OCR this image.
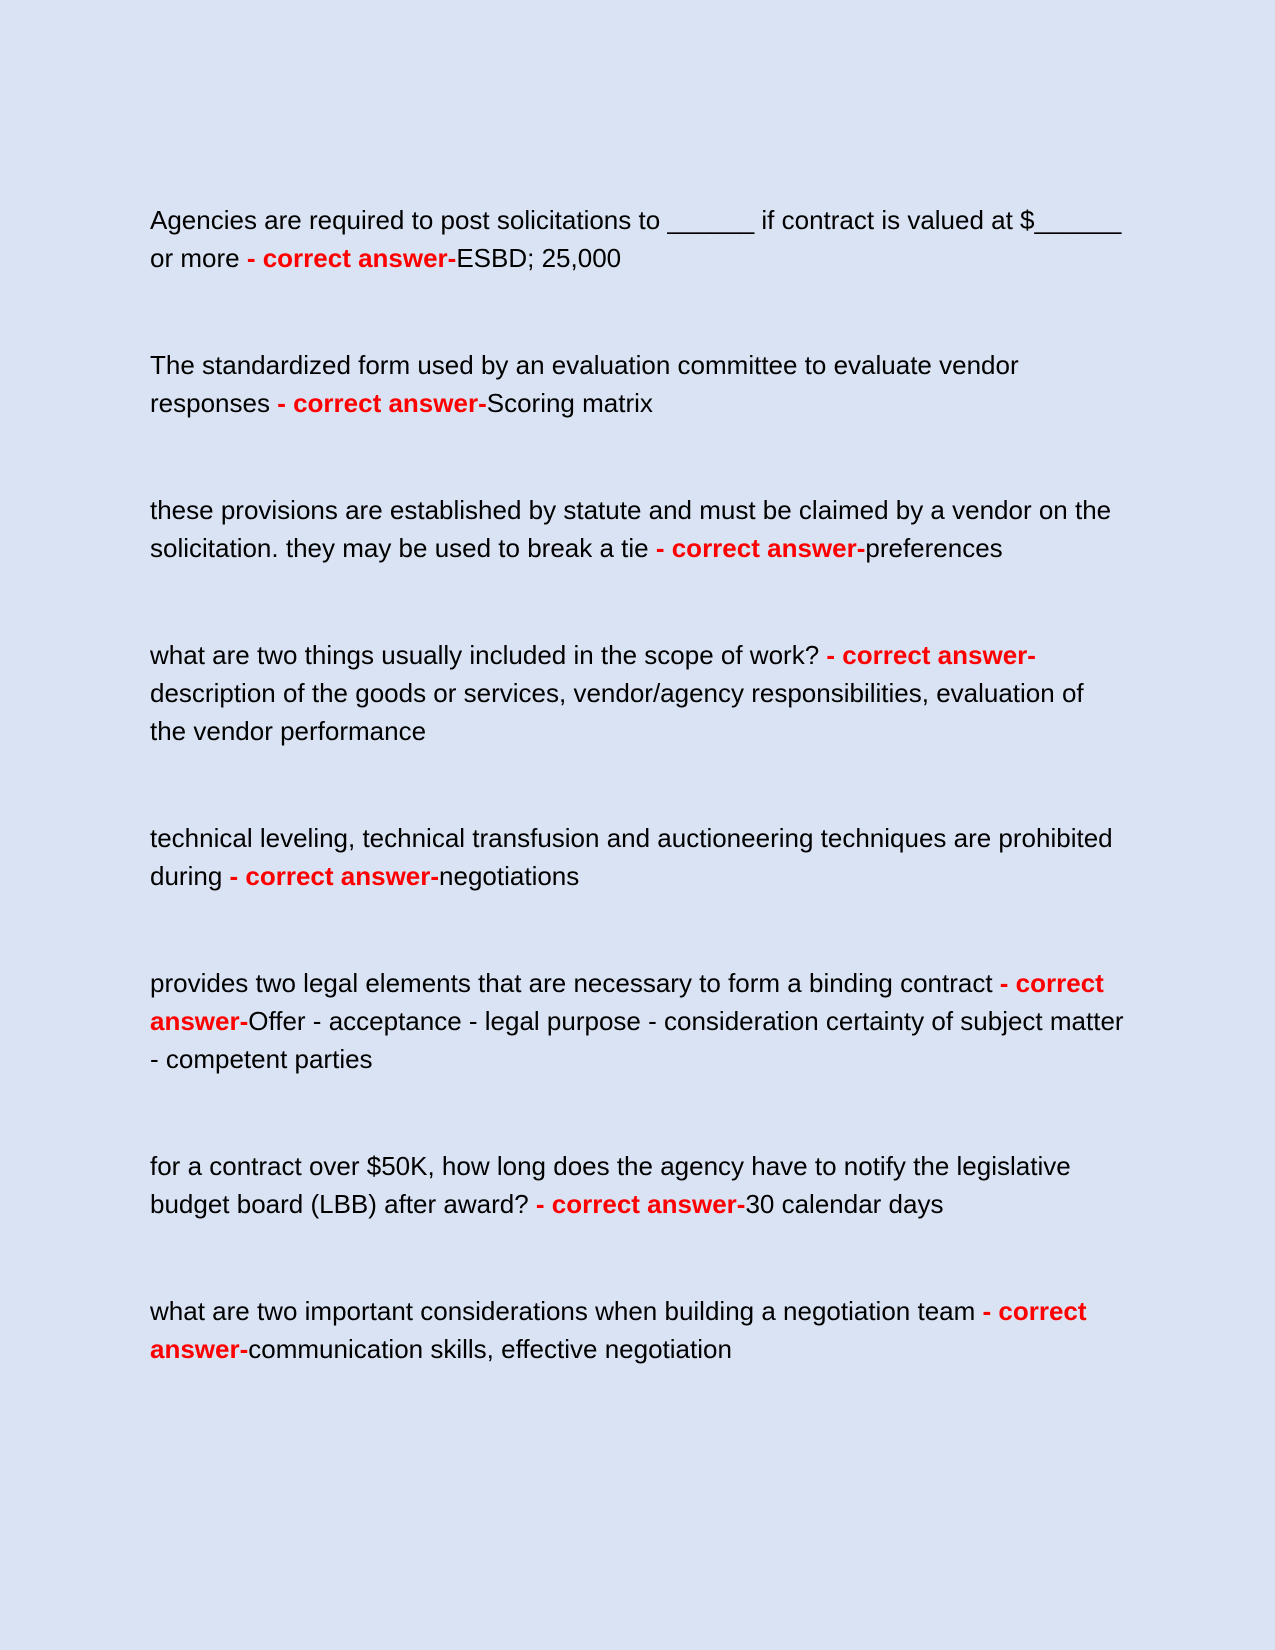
Agencies are required to post solicitations to ______ if contract is valued at $______ or more - correct answer-ESBD; 25,000

The standardized form used by an evaluation committee to evaluate vendor responses - correct answer-Scoring matrix

these provisions are established by statute and must be claimed by a vendor on the solicitation. they may be used to break a tie - correct answer-preferences

what are two things usually included in the scope of work? - correct answer-description of the goods or services, vendor/agency responsibilities, evaluation of the vendor performance

technical leveling, technical transfusion and auctioneering techniques are prohibited during - correct answer-negotiations

provides two legal elements that are necessary to form a binding contract - correct answer-Offer - acceptance - legal purpose - consideration certainty of subject matter - competent parties

for a contract over $50K, how long does the agency have to notify the legislative budget board (LBB) after award? - correct answer-30 calendar days

what are two important considerations when building a negotiation team - correct answer-communication skills, effective negotiation
